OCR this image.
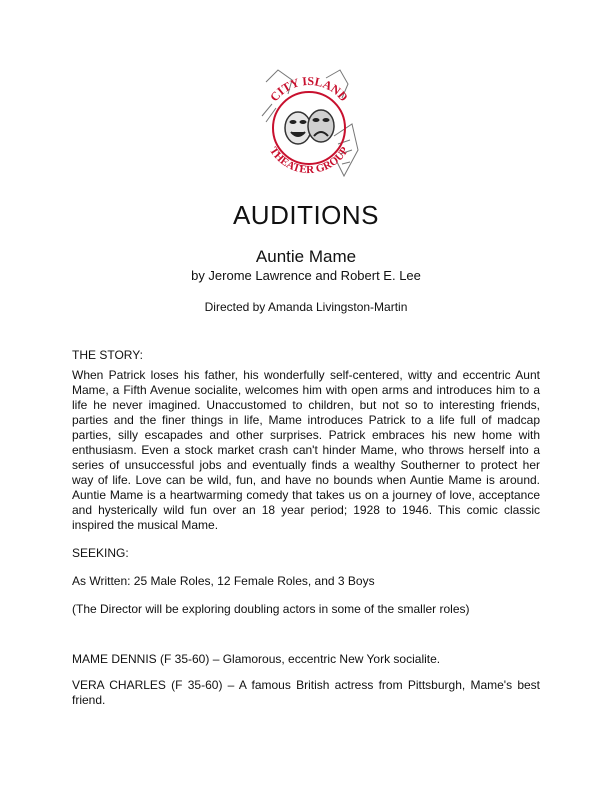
CITY ISLAND
THEATER GROUP
AUDITIONS
Auntie Mame
by Jerome Lawrence and Robert E. Lee
Directed by Amanda Livingston-Martin

THE STORY:

When Patrick loses his father, his wonderfully self-centered, witty and eccentric Aunt Mame, a Fifth Avenue socialite, welcomes him with open arms and introduces him to a life he never imagined. Unaccustomed to children, but not so to interesting friends, parties and the finer things in life, Mame introduces Patrick to a life full of madcap parties, silly escapades and other surprises. Patrick embraces his new home with enthusiasm. Even a stock market crash can't hinder Mame, who throws herself into a series of unsuccessful jobs and eventually finds a wealthy Southerner to protect her way of life. Love can be wild, fun, and have no bounds when Auntie Mame is around. Auntie Mame is a heartwarming comedy that takes us on a journey of love, acceptance and hysterically wild fun over an 18 year period; 1928 to 1946. This comic classic inspired the musical Mame.

SEEKING:

As Written: 25 Male Roles, 12 Female Roles, and 3 Boys

(The Director will be exploring doubling actors in some of the smaller roles)

MAME DENNIS (F 35-60) – Glamorous, eccentric New York socialite.

VERA CHARLES (F 35-60) – A famous British actress from Pittsburgh, Mame's best friend.
